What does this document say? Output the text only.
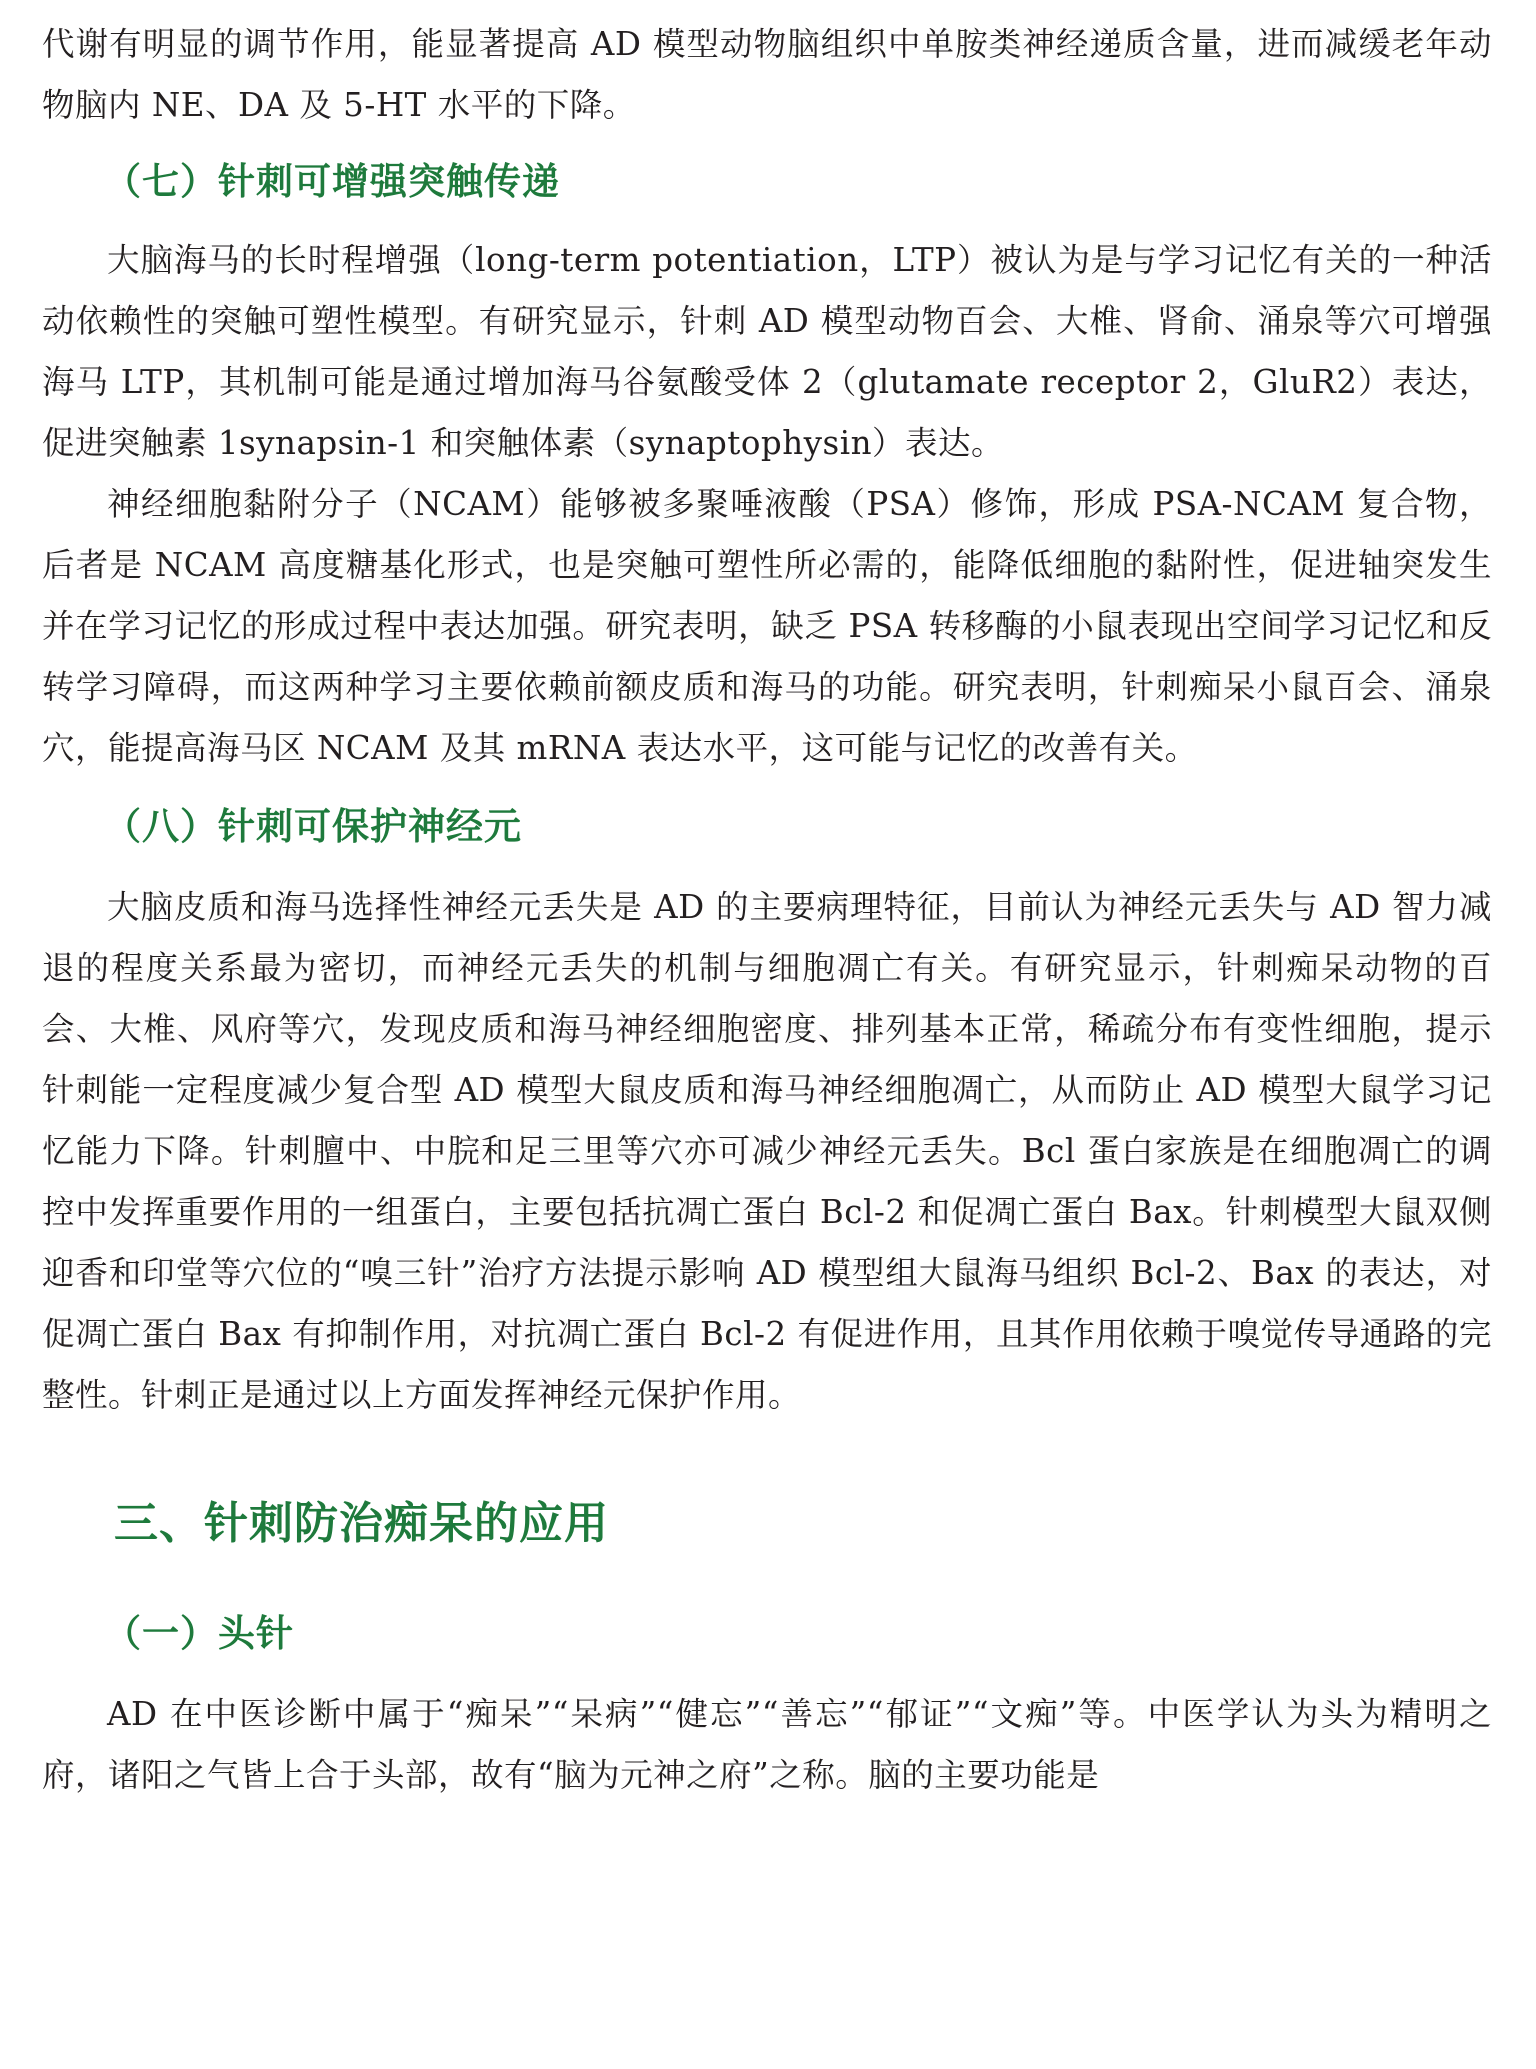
代谢有明显的调节作用，能显著提高 AD 模型动物脑组织中单胺类神经递质含量，进而减缓老年动物脑内 NE、DA 及 5-HT 水平的下降。

（七）针刺可增强突触传递

大脑海马的长时程增强（long-term potentiation，LTP）被认为是与学习记忆有关的一种活动依赖性的突触可塑性模型。有研究显示，针刺 AD 模型动物百会、大椎、肾俞、涌泉等穴可增强海马 LTP，其机制可能是通过增加海马谷氨酸受体 2（glutamate receptor 2，GluR2）表达，促进突触素 1synapsin-1 和突触体素（synaptophysin）表达。

神经细胞黏附分子（NCAM）能够被多聚唾液酸（PSA）修饰，形成 PSA-NCAM 复合物，后者是 NCAM 高度糖基化形式，也是突触可塑性所必需的，能降低细胞的黏附性，促进轴突发生并在学习记忆的形成过程中表达加强。研究表明，缺乏 PSA 转移酶的小鼠表现出空间学习记忆和反转学习障碍，而这两种学习主要依赖前额皮质和海马的功能。研究表明，针刺痴呆小鼠百会、涌泉穴，能提高海马区 NCAM 及其 mRNA 表达水平，这可能与记忆的改善有关。

（八）针刺可保护神经元

大脑皮质和海马选择性神经元丢失是 AD 的主要病理特征，目前认为神经元丢失与 AD 智力减退的程度关系最为密切，而神经元丢失的机制与细胞凋亡有关。有研究显示，针刺痴呆动物的百会、大椎、风府等穴，发现皮质和海马神经细胞密度、排列基本正常，稀疏分布有变性细胞，提示针刺能一定程度减少复合型 AD 模型大鼠皮质和海马神经细胞凋亡，从而防止 AD 模型大鼠学习记忆能力下降。针刺膻中、中脘和足三里等穴亦可减少神经元丢失。Bcl 蛋白家族是在细胞凋亡的调控中发挥重要作用的一组蛋白，主要包括抗凋亡蛋白 Bcl-2 和促凋亡蛋白 Bax。针刺模型大鼠双侧迎香和印堂等穴位的“嗅三针”治疗方法提示影响 AD 模型组大鼠海马组织 Bcl-2、Bax 的表达，对促凋亡蛋白 Bax 有抑制作用，对抗凋亡蛋白 Bcl-2 有促进作用，且其作用依赖于嗅觉传导通路的完整性。针刺正是通过以上方面发挥神经元保护作用。

三、针刺防治痴呆的应用
（一）头针

AD 在中医诊断中属于“痴呆”“呆病”“健忘”“善忘”“郁证”“文痴”等。中医学认为头为精明之府，诸阳之气皆上合于头部，故有“脑为元神之府”之称。脑的主要功能是
